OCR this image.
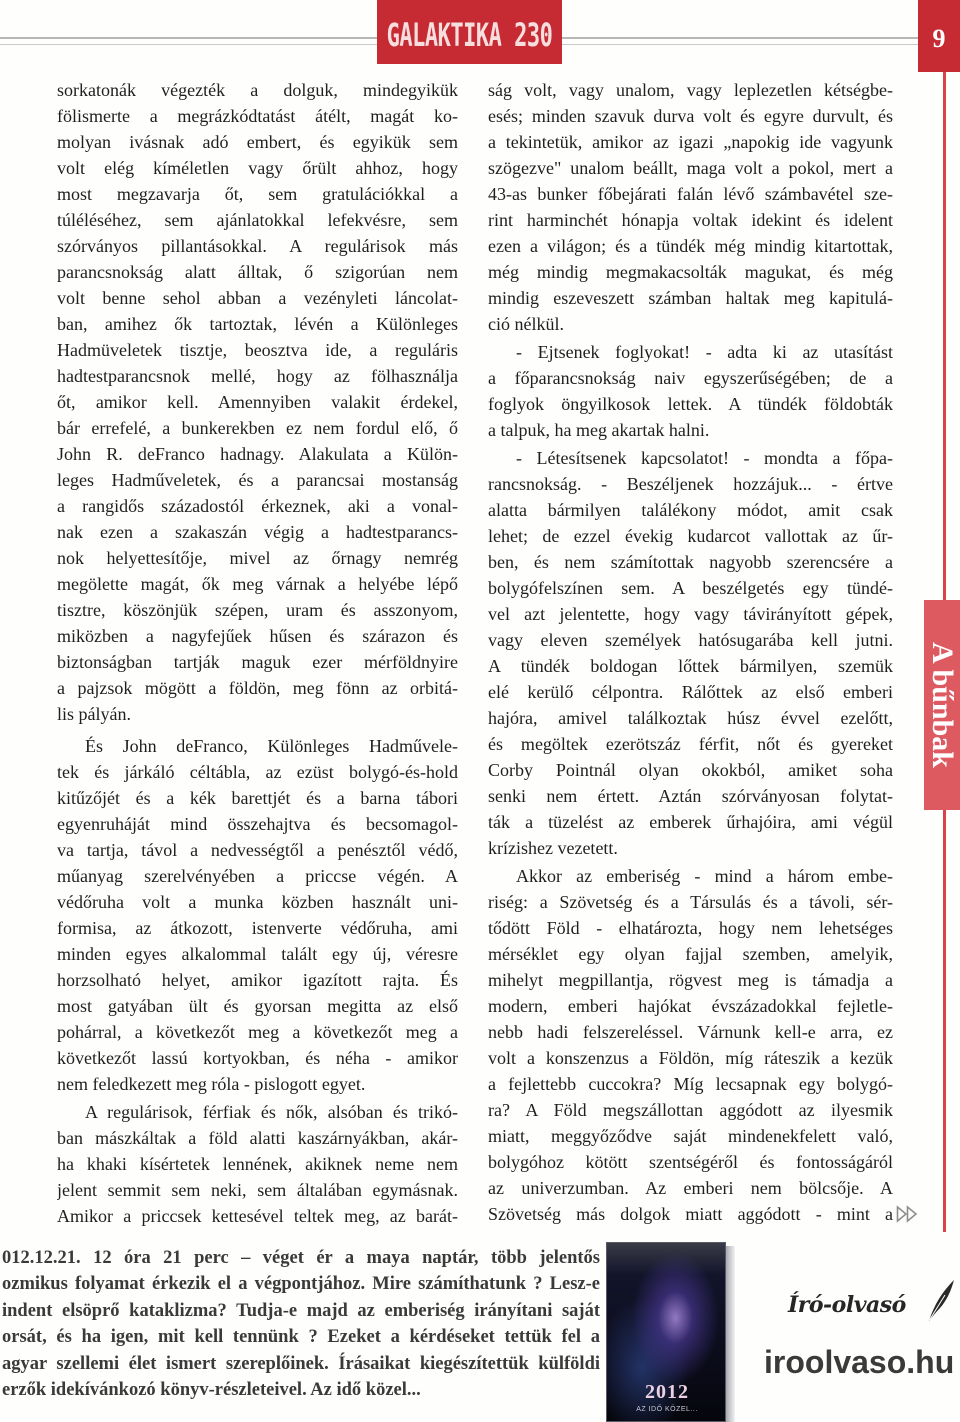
GALAKTIKA 230	9
A bűnbak
sorkatonák végezték a dolguk, mindegyikük
fölismerte a megrázkódtatást átélt, magát ko-
molyan ivásnak adó embert, és egyikük sem
volt elég kíméletlen vagy őrült ahhoz, hogy
most megzavarja őt, sem gratulációkkal a
túléléséhez, sem ajánlatokkal lefekvésre, sem
szórványos pillantásokkal. A regulárisok más
parancsnokság alatt álltak, ő szigorúan nem
volt benne sehol abban a vezényleti láncolat-
ban, amihez ők tartoztak, lévén a Különleges
Hadmüveletek tisztje, beosztva ide, a reguláris
hadtestparancsnok mellé, hogy az fölhasználja
őt, amikor kell. Amennyiben valakit érdekel,
bár errefelé, a bunkerekben ez nem fordul elő, ő
John R. deFranco hadnagy. Alakulata a Külön-
leges Hadműveletek, és a parancsai mostanság
a rangidős századostól érkeznek, aki a vonal-
nak ezen a szakaszán végig a hadtestparancs-
nok helyettesítője, mivel az őrnagy nemrég
megölette magát, ők meg várnak a helyébe lépő
tisztre, köszönjük szépen, uram és asszonyom,
miközben a nagyfejűek hűsen és szárazon és
biztonságban tartják maguk ezer mérföldnyire
a pajzsok mögött a földön, meg fönn az orbitá-
lis pályán.
És John deFranco, Különleges Hadművele-
tek és járkáló céltábla, az ezüst bolygó-és-hold
kitűzőjét és a kék barettjét és a barna tábori
egyenruháját mind összehajtva és becsomagol-
va tartja, távol a nedvességtől a penésztől védő,
műanyag szerelvényében a priccse végén. A
védőruha volt a munka közben használt uni-
formisa, az átkozott, istenverte védőruha, ami
minden egyes alkalommal talált egy új, véresre
horzsolható helyet, amikor igazított rajta. És
most gatyában ült és gyorsan megitta az első
pohárral, a következőt meg a következőt meg a
következőt lassú kortyokban, és néha - amikor
nem feledkezett meg róla - pislogott egyet.
A regulárisok, férfiak és nők, alsóban és trikó-
ban mászkáltak a föld alatti kaszárnyákban, akár-
ha khaki kísértetek lennének, akiknek neme nem
jelent semmit sem neki, sem általában egymásnak.
Amikor a priccsek kettesével teltek meg, az barát-
ság volt, vagy unalom, vagy leplezetlen kétségbe-
esés; minden szavuk durva volt és egyre durvult, és
a tekintetük, amikor az igazi „napokig ide vagyunk
szögezve" unalom beállt, maga volt a pokol, mert a
43-as bunker főbejárati falán lévő számbavétel sze-
rint harminchét hónapja voltak idekint és idelent
ezen a világon; és a tündék még mindig kitartottak,
még mindig megmakacsolták magukat, és még
mindig eszeveszett számban haltak meg kapitulá-
ció nélkül.
- Ejtsenek foglyokat! - adta ki az utasítást
a főparancsnokság naiv egyszerűségében; de a
foglyok öngyilkosok lettek. A tündék földobták
a talpuk, ha meg akartak halni.
- Létesítsenek kapcsolatot! - mondta a főpa-
rancsnokság. - Beszéljenek hozzájuk... - értve
alatta bármilyen találékony módot, amit csak
lehet; de ezzel évekig kudarcot vallottak az űr-
ben, és nem számítottak nagyobb szerencsére a
bolygófelszínen sem. A beszélgetés egy tündé-
vel azt jelentette, hogy vagy távirányított gépek,
vagy eleven személyek hatósugarába kell jutni.
A tündék boldogan lőttek bármilyen, szemük
elé kerülő célpontra. Rálőttek az első emberi
hajóra, amivel találkoztak húsz évvel ezelőtt,
és megöltek ezerötszáz férfit, nőt és gyereket
Corby Pointnál olyan okokból, amiket soha
senki nem értett. Aztán szórványosan folytat-
ták a tüzelést az emberek űrhajóira, ami végül
krízishez vezetett.
Akkor az emberiség - mind a három embe-
riség: a Szövetség és a Társulás és a távoli, sér-
tődött Föld - elhatározta, hogy nem lehetséges
mérséklet egy olyan fajjal szemben, amelyik,
mihelyt megpillantja, rögvest meg is támadja a
modern, emberi hajókat évszázadokkal fejletle-
nebb hadi felszereléssel. Várnunk kell-e arra, ez
volt a konszenzus a Földön, míg ráteszik a kezük
a fejlettebb cuccokra? Míg lecsapnak egy bolygó-
ra? A Föld megszállottan aggódott az ilyesmik
miatt, meggyőződve saját mindenekfelett való,
bolygóhoz kötött szentségéről és fontosságáról
az univerzumban. Az emberi nem bölcsője. A
Szövetség más dolgok miatt aggódott - mint a
012.12.21. 12 óra 21 perc – véget ér a maya naptár, több jelentős
ozmikus folyamat érkezik el a végpontjához. Mire számíthatunk ? Lesz-e
indent elsöprő kataklizma? Tudja-e majd az emberiség irányítani saját
orsát, és ha igen, mit kell tennünk ? Ezeket a kérdéseket tettük fel a
agyar szellemi élet ismert szereplőinek. Írásaikat kiegészítettük külföldi
erzők idekívánkozó könyv-részleteivel. Az idő közel...	2012
AZ IDŐ KÖZEL...
Író-olvasó
iroolvaso.hu
